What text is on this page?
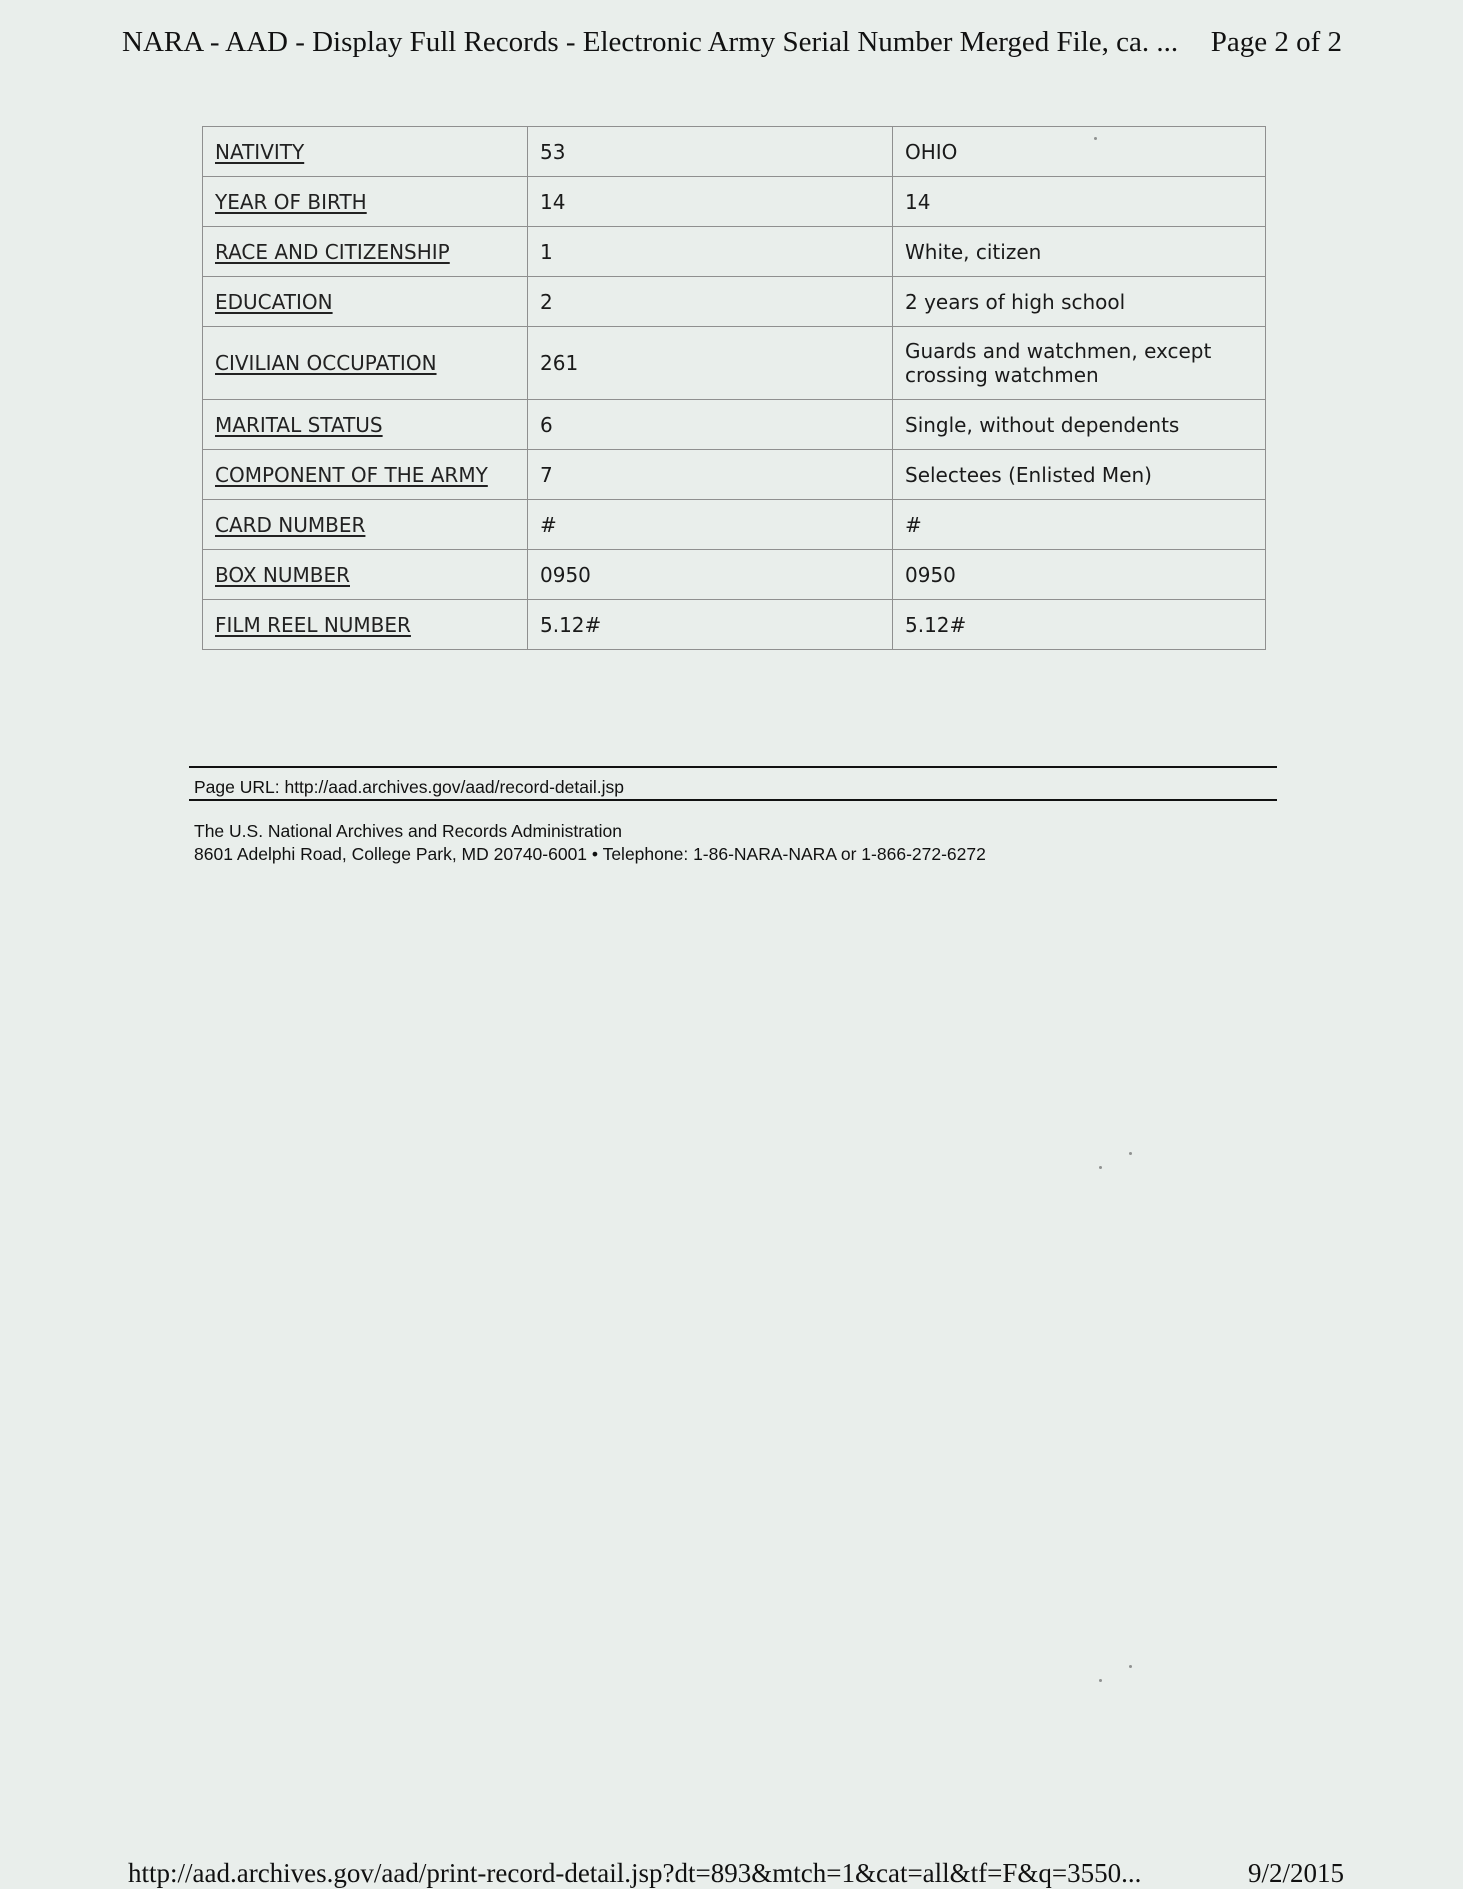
NARA - AAD - Display Full Records - Electronic Army Serial Number Merged File, ca. ... Page 2 of 2
NATIVITY	53	OHIO
YEAR OF BIRTH	14	14
RACE AND CITIZENSHIP	1	White, citizen
EDUCATION	2	2 years of high school
CIVILIAN OCCUPATION	261	Guards and watchmen, except crossing watchmen
MARITAL STATUS	6	Single, without dependents
COMPONENT OF THE ARMY	7	Selectees (Enlisted Men)
CARD NUMBER	#	#
BOX NUMBER	0950	0950
FILM REEL NUMBER	5.12#	5.12#
Page URL: http://aad.archives.gov/aad/record-detail.jsp
The U.S. National Archives and Records Administration
8601 Adelphi Road, College Park, MD 20740-6001 • Telephone: 1-86-NARA-NARA or 1-866-272-6272
http://aad.archives.gov/aad/print-record-detail.jsp?dt=893&mtch=1&cat=all&tf=F&q=3550...	9/2/2015
